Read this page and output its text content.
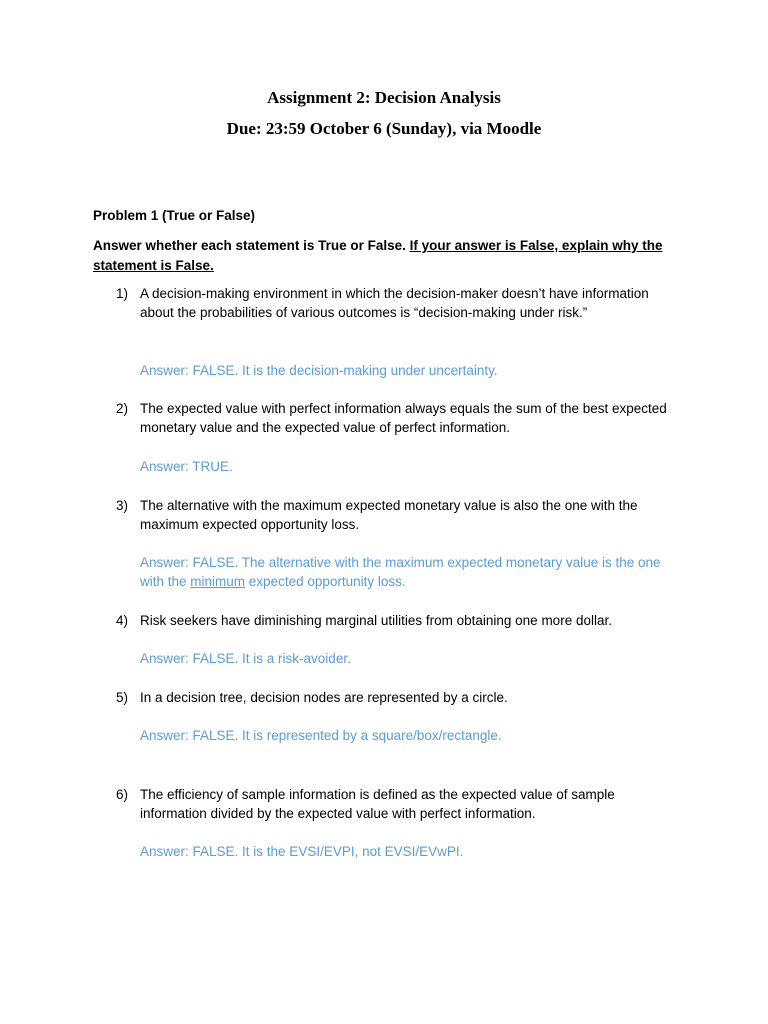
Assignment 2: Decision Analysis
Due: 23:59 October 6 (Sunday), via Moodle
Problem 1 (True or False)
Answer whether each statement is True or False. If your answer is False, explain why the statement is False.
1) A decision-making environment in which the decision-maker doesn’t have information about the probabilities of various outcomes is “decision-making under risk.”
Answer: FALSE. It is the decision-making under uncertainty.
2) The expected value with perfect information always equals the sum of the best expected monetary value and the expected value of perfect information.
Answer: TRUE.
3) The alternative with the maximum expected monetary value is also the one with the maximum expected opportunity loss.
Answer: FALSE. The alternative with the maximum expected monetary value is the one with the minimum expected opportunity loss.
4) Risk seekers have diminishing marginal utilities from obtaining one more dollar.
Answer: FALSE. It is a risk-avoider.
5) In a decision tree, decision nodes are represented by a circle.
Answer: FALSE. It is represented by a square/box/rectangle.
6) The efficiency of sample information is defined as the expected value of sample information divided by the expected value with perfect information.
Answer: FALSE. It is the EVSI/EVPI, not EVSI/EVwPI.
